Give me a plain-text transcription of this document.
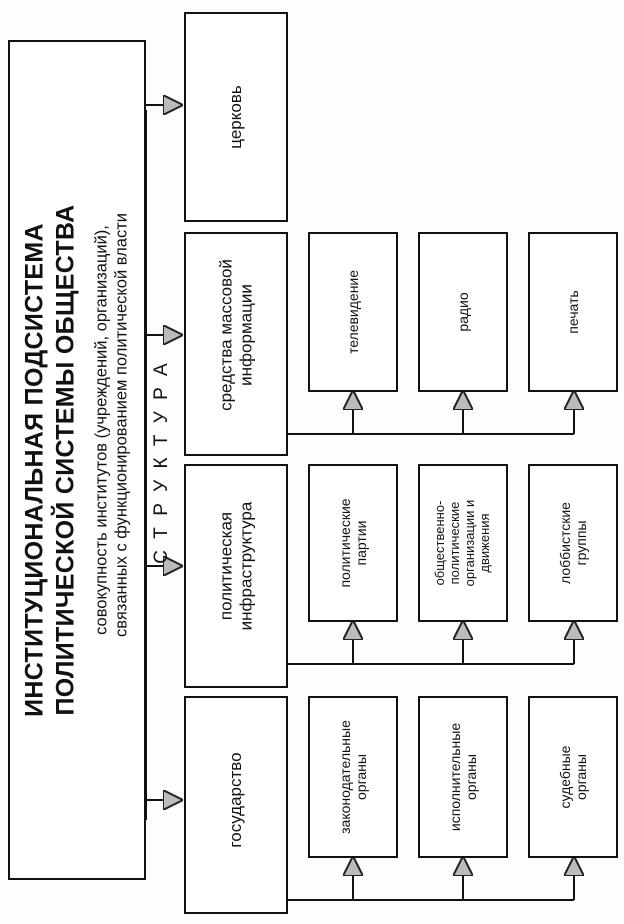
ИНСТИТУЦИОНАЛЬНАЯ ПОДСИСТЕМА ПОЛИТИЧЕСКОЙ СИСТЕМЫ ОБЩЕСТВА совокупность институтов (учреждений, организаций), связанных с функционированием политической власти С Т Р У К Т У Р А
церковь
средства массовой
информации
политическая
инфраструктура
государство
телевидение	радио	печать
политические
партии	общественно-
политические
организации и
движения	лоббистские
группы
законодательные
органы	исполнительные
органы	судебные органы
